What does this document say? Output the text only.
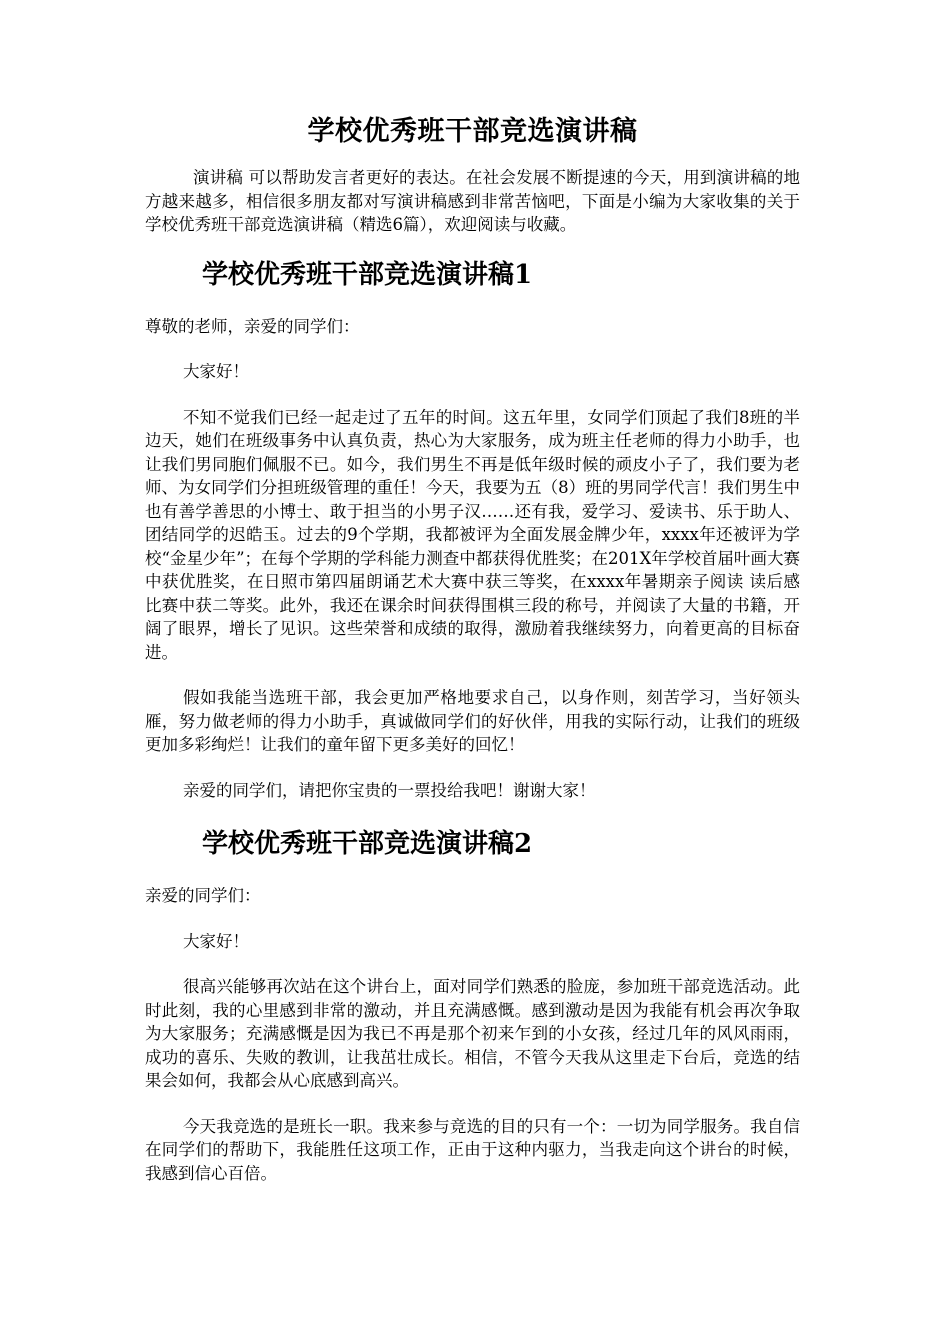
学校优秀班干部竞选演讲稿

演讲稿 可以帮助发言者更好的表达。在社会发展不断提速的今天，用到演讲稿的地方越来越多，相信很多朋友都对写演讲稿感到非常苦恼吧，下面是小编为大家收集的关于学校优秀班干部竞选演讲稿（精选6篇），欢迎阅读与收藏。

学校优秀班干部竞选演讲稿1

尊敬的老师，亲爱的同学们：

大家好！

不知不觉我们已经一起走过了五年的时间。这五年里，女同学们顶起了我们8班的半边天，她们在班级事务中认真负责，热心为大家服务，成为班主任老师的得力小助手，也让我们男同胞们佩服不已。如今，我们男生不再是低年级时候的顽皮小子了，我们要为老师、为女同学们分担班级管理的重任！今天，我要为五（8）班的男同学代言！我们男生中也有善学善思的小博士、敢于担当的小男子汉……还有我，爱学习、爱读书、乐于助人、团结同学的迟皓玉。过去的9个学期，我都被评为全面发展金牌少年，xxxx年还被评为学校“金星少年”；在每个学期的学科能力测查中都获得优胜奖；在201X年学校首届叶画大赛中获优胜奖，在日照市第四届朗诵艺术大赛中获三等奖，在xxxx年暑期亲子阅读 读后感 比赛中获二等奖。此外，我还在课余时间获得围棋三段的称号，并阅读了大量的书籍，开阔了眼界，增长了见识。这些荣誉和成绩的取得，激励着我继续努力，向着更高的目标奋进。

假如我能当选班干部，我会更加严格地要求自己，以身作则，刻苦学习，当好领头雁，努力做老师的得力小助手，真诚做同学们的好伙伴，用我的实际行动，让我们的班级更加多彩绚烂！让我们的童年留下更多美好的回忆！

亲爱的同学们，请把你宝贵的一票投给我吧！谢谢大家！

学校优秀班干部竞选演讲稿2

亲爱的同学们：

大家好！

很高兴能够再次站在这个讲台上，面对同学们熟悉的脸庞，参加班干部竞选活动。此时此刻，我的心里感到非常的激动，并且充满感慨。感到激动是因为我能有机会再次争取为大家服务；充满感慨是因为我已不再是那个初来乍到的小女孩，经过几年的风风雨雨，成功的喜乐、失败的教训，让我茁壮成长。相信，不管今天我从这里走下台后，竞选的结果会如何，我都会从心底感到高兴。

今天我竞选的是班长一职。我来参与竞选的目的只有一个：一切为同学服务。我自信在同学们的帮助下，我能胜任这项工作，正由于这种内驱力，当我走向这个讲台的时候，我感到信心百倍。
